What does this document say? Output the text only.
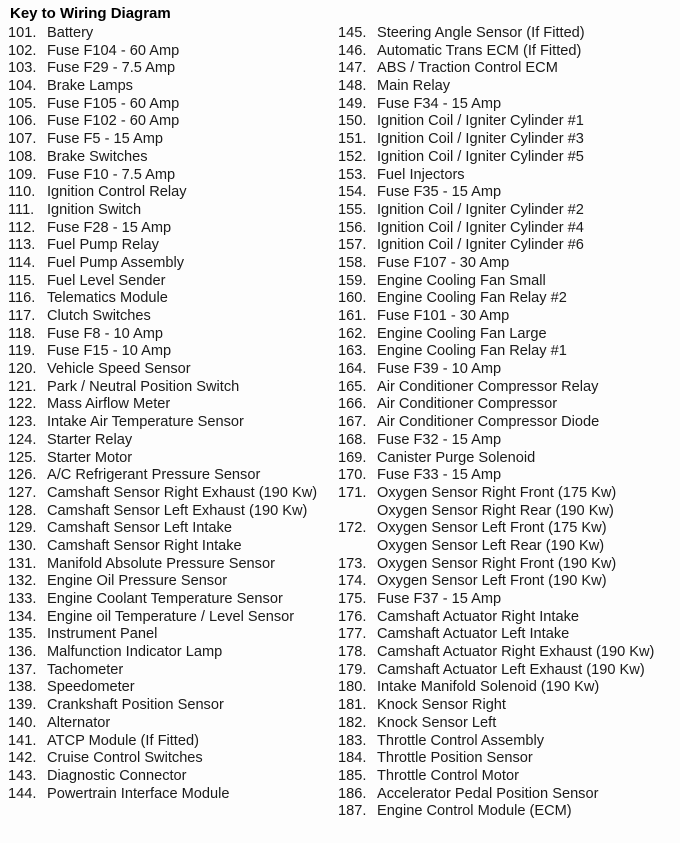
Key to Wiring Diagram
101. Battery
102. Fuse F104 - 60 Amp
103. Fuse F29 - 7.5 Amp
104. Brake Lamps
105. Fuse F105 - 60 Amp
106. Fuse F102 - 60 Amp
107. Fuse F5 - 15 Amp
108. Brake Switches
109. Fuse F10 - 7.5 Amp
110. Ignition Control Relay
111. Ignition Switch
112. Fuse F28 - 15 Amp
113. Fuel Pump Relay
114. Fuel Pump Assembly
115. Fuel Level Sender
116. Telematics Module
117. Clutch Switches
118. Fuse F8 - 10 Amp
119. Fuse F15 - 10 Amp
120. Vehicle Speed Sensor
121. Park / Neutral Position Switch
122. Mass Airflow Meter
123. Intake Air Temperature Sensor
124. Starter Relay
125. Starter Motor
126. A/C Refrigerant Pressure Sensor
127. Camshaft Sensor Right Exhaust (190 Kw)
128. Camshaft Sensor Left Exhaust (190 Kw)
129. Camshaft Sensor Left Intake
130. Camshaft Sensor Right Intake
131. Manifold Absolute Pressure Sensor
132. Engine Oil Pressure Sensor
133. Engine Coolant Temperature Sensor
134. Engine oil Temperature / Level Sensor
135. Instrument Panel
136. Malfunction Indicator Lamp
137. Tachometer
138. Speedometer
139. Crankshaft Position Sensor
140. Alternator
141. ATCP Module (If Fitted)
142. Cruise Control Switches
143. Diagnostic Connector
144. Powertrain Interface Module
145. Steering Angle Sensor (If Fitted)
146. Automatic Trans ECM (If Fitted)
147. ABS / Traction Control ECM
148. Main Relay
149. Fuse F34 - 15 Amp
150. Ignition Coil / Igniter Cylinder #1
151. Ignition Coil / Igniter Cylinder #3
152. Ignition Coil / Igniter Cylinder #5
153. Fuel Injectors
154. Fuse F35 - 15 Amp
155. Ignition Coil / Igniter Cylinder #2
156. Ignition Coil / Igniter Cylinder #4
157. Ignition Coil / Igniter Cylinder #6
158. Fuse F107 - 30 Amp
159. Engine Cooling Fan Small
160. Engine Cooling Fan Relay #2
161. Fuse F101 - 30 Amp
162. Engine Cooling Fan Large
163. Engine Cooling Fan Relay #1
164. Fuse F39 - 10 Amp
165. Air Conditioner Compressor Relay
166. Air Conditioner Compressor
167. Air Conditioner Compressor Diode
168. Fuse F32 - 15 Amp
169. Canister Purge Solenoid
170. Fuse F33 - 15 Amp
171. Oxygen Sensor Right Front (175 Kw)
Oxygen Sensor Right Rear (190 Kw)
172. Oxygen Sensor Left Front (175 Kw)
Oxygen Sensor Left Rear (190 Kw)
173. Oxygen Sensor Right Front (190 Kw)
174. Oxygen Sensor Left Front (190 Kw)
175. Fuse F37 - 15 Amp
176. Camshaft Actuator Right Intake
177. Camshaft Actuator Left Intake
178. Camshaft Actuator Right Exhaust (190 Kw)
179. Camshaft Actuator Left Exhaust (190 Kw)
180. Intake Manifold Solenoid (190 Kw)
181. Knock Sensor Right
182. Knock Sensor Left
183. Throttle Control Assembly
184. Throttle Position Sensor
185. Throttle Control Motor
186. Accelerator Pedal Position Sensor
187. Engine Control Module (ECM)
